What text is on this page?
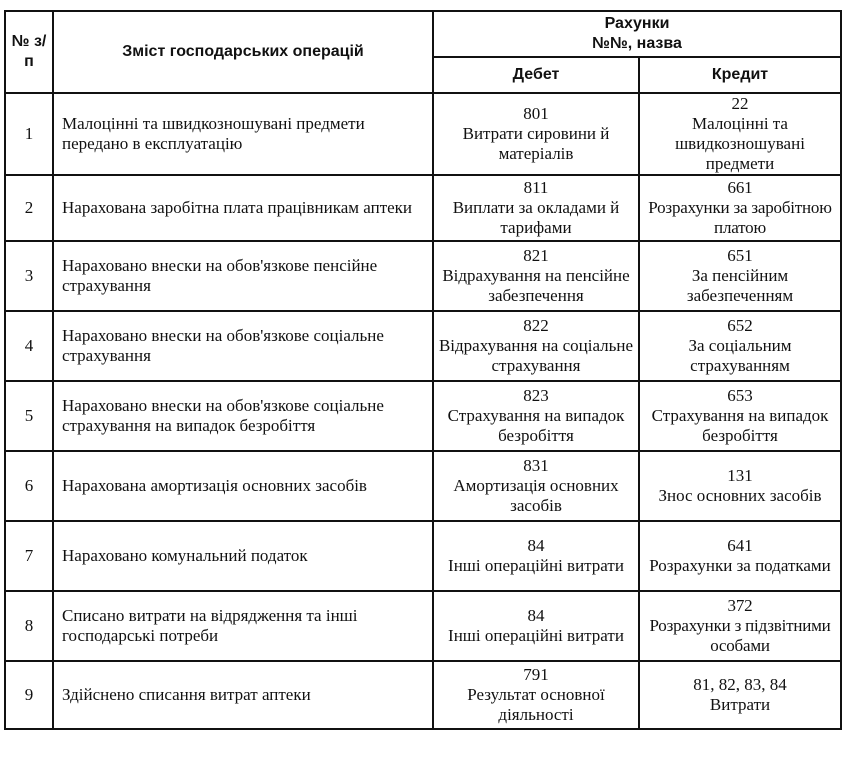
№ з/п	Зміст господарських операцій	Рахунки
№№, назва	

		Дебет	Кредит
1	Малоцінні та швидкозношувані предмети передано в експлуатацію	801
Витрати сировини й матеріалів	22
Малоцінні та швидкозношувані предмети

2	Нарахована заробітна плата працівникам аптеки	811
Виплати за окладами й тарифами	661
Розрахунки за заробітною платою

3	Нараховано внески на обов'язкове пенсійне страхування	821
Відрахування на пенсійне забезпечення	651
За пенсійним забезпеченням

4	Нараховано внески на обов'язкове соціальне страхування	822
Відрахування на соціальне страхування	652
За соціальним страхуванням

5	Нараховано внески на обов'язкове соціальне страхування на випадок безробіття	823
Страхування на випадок безробіття	653
Страхування на випадок безробіття

6	Нарахована амортизація основних засобів	831
Амортизація основних засобів	131
Знос основних засобів

7	Нараховано комунальний податок	84
Інші операційні витрати	641
Розрахунки за податками

8	Списано витрати на відрядження та інші господарські потреби	84
Інші операційні витрати	372
Розрахунки з підзвітними особами

9	Здійснено списання витрат аптеки	791
Результат основної діяльності	81, 82, 83, 84
Витрати
